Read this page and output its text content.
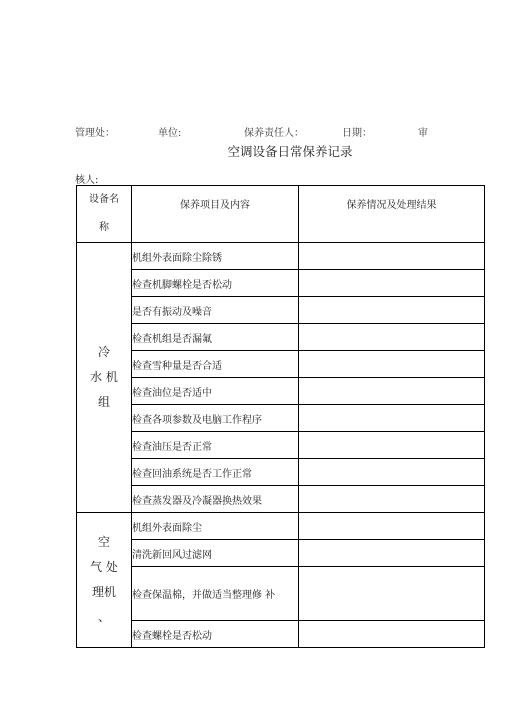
管理处：	单位:	保养责任人：	日期：	审
空调设备日常保养记录
核人:
设备名
称	保养项目及内容	保养情况及处理结果

冷
水 机
组	机组外表面除尘除锈	
	检查机脚螺栓是否松动	
	是否有振动及噪音	
	检查机组是否漏氟	
	检查雪种量是否合适	
	检查油位是否适中	
	检查各项参数及电脑工作程序	
	检查油压是否正常	
	检查回油系统是否工作正常	
	检查蒸发器及冷凝器换热效果	

空
气 处
理机
、	机组外表面除尘	
	清洗新回风过滤网	
	检查保温棉，并做适当整理修 补	
	检查螺栓是否松动	
